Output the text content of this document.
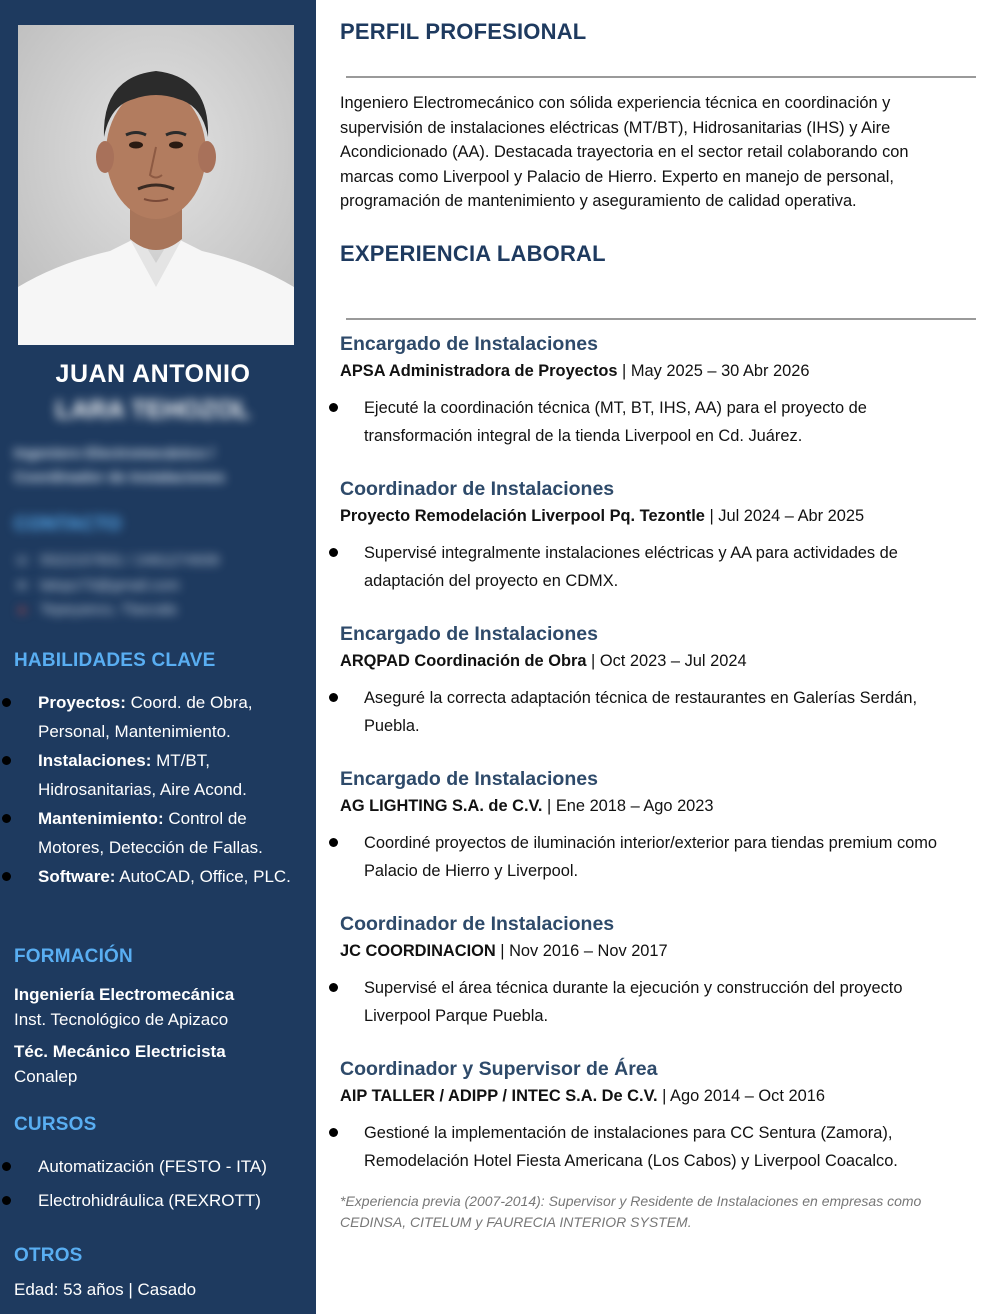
JUAN ANTONIO
LARA TEHOZOL
Ingeniero Electromecánico / Coordinador de Instalaciones
CONTACTO
☏ 5522157831 / 2461274939
✉ lalopz73@gmail.com
● Tepeyanco, Tlaxcala
HABILIDADES CLAVE
Proyectos: Coord. de Obra, Personal, Mantenimiento.
Instalaciones: MT/BT, Hidrosanitarias, Aire Acond.
Mantenimiento: Control de Motores, Detección de Fallas.
Software: AutoCAD, Office, PLC.
FORMACIÓN
Ingeniería Electromecánica
Inst. Tecnológico de Apizaco
Téc. Mecánico Electricista
Conalep
CURSOS
Automatización (FESTO - ITA)
Electrohidráulica (REXROTT)
OTROS
Edad: 53 años | Casado
PERFIL PROFESIONAL
Ingeniero Electromecánico con sólida experiencia técnica en coordinación y supervisión de instalaciones eléctricas (MT/BT), Hidrosanitarias (IHS) y Aire Acondicionado (AA). Destacada trayectoria en el sector retail colaborando con marcas como Liverpool y Palacio de Hierro. Experto en manejo de personal, programación de mantenimiento y aseguramiento de calidad operativa.
EXPERIENCIA LABORAL
Encargado de Instalaciones
APSA Administradora de Proyectos | May 2025 – 30 Abr 2026
Ejecuté la coordinación técnica (MT, BT, IHS, AA) para el proyecto de transformación integral de la tienda Liverpool en Cd. Juárez.
Coordinador de Instalaciones
Proyecto Remodelación Liverpool Pq. Tezontle | Jul 2024 – Abr 2025
Supervisé integralmente instalaciones eléctricas y AA para actividades de adaptación del proyecto en CDMX.
Encargado de Instalaciones
ARQPAD Coordinación de Obra | Oct 2023 – Jul 2024
Aseguré la correcta adaptación técnica de restaurantes en Galerías Serdán, Puebla.
Encargado de Instalaciones
AG LIGHTING S.A. de C.V. | Ene 2018 – Ago 2023
Coordiné proyectos de iluminación interior/exterior para tiendas premium como Palacio de Hierro y Liverpool.
Coordinador de Instalaciones
JC COORDINACION | Nov 2016 – Nov 2017
Supervisé el área técnica durante la ejecución y construcción del proyecto Liverpool Parque Puebla.
Coordinador y Supervisor de Área
AIP TALLER / ADIPP / INTEC S.A. De C.V. | Ago 2014 – Oct 2016
Gestioné la implementación de instalaciones para CC Sentura (Zamora), Remodelación Hotel Fiesta Americana (Los Cabos) y Liverpool Coacalco.
*Experiencia previa (2007-2014): Supervisor y Residente de Instalaciones en empresas como CEDINSA, CITELUM y FAURECIA INTERIOR SYSTEM.
